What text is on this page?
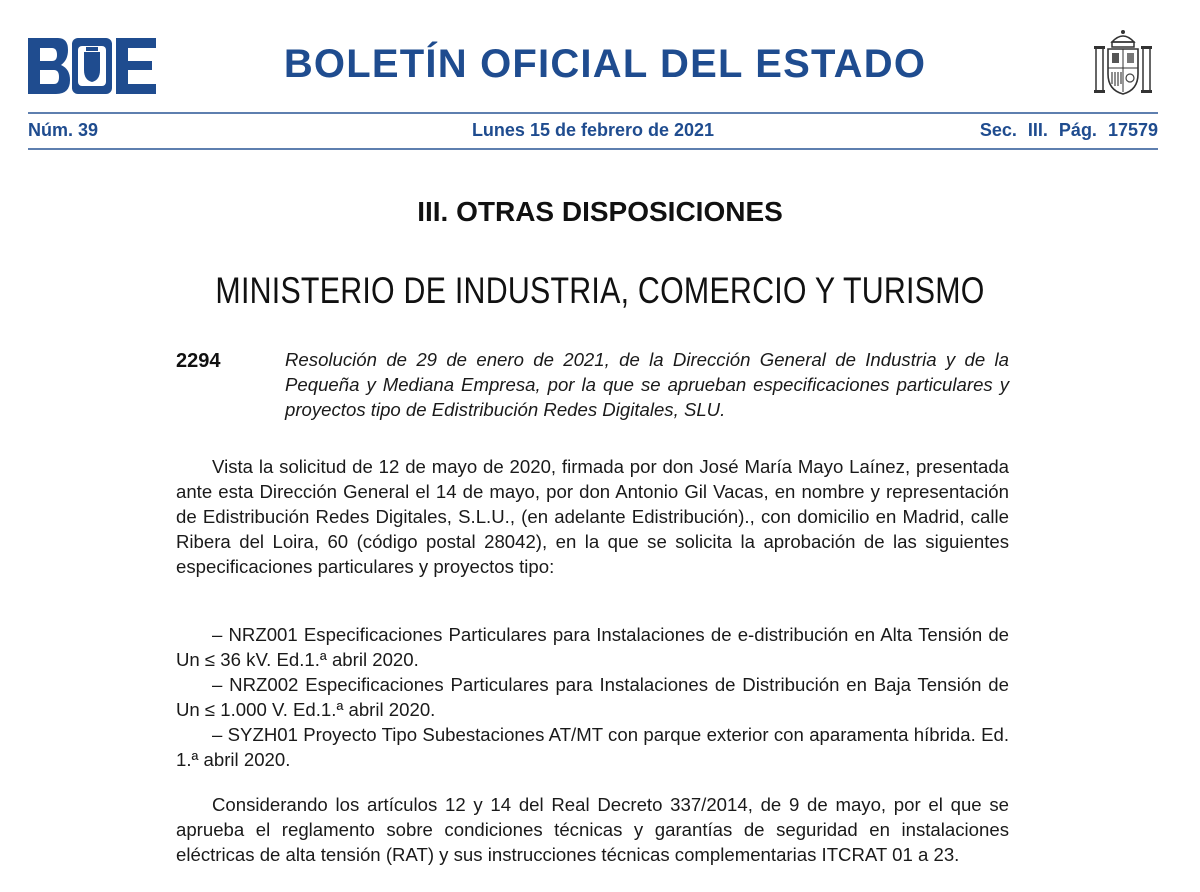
BOLETÍN OFICIAL DEL ESTADO
Núm. 39	Lunes 15 de febrero de 2021	Sec. III. Pág. 17579
III. OTRAS DISPOSICIONES
MINISTERIO DE INDUSTRIA, COMERCIO Y TURISMO
2294	Resolución de 29 de enero de 2021, de la Dirección General de Industria y de la Pequeña y Mediana Empresa, por la que se aprueban especificaciones particulares y proyectos tipo de Edistribución Redes Digitales, SLU.

Vista la solicitud de 12 de mayo de 2020, firmada por don José María Mayo Laínez, presentada ante esta Dirección General el 14 de mayo, por don Antonio Gil Vacas, en nombre y representación de Edistribución Redes Digitales, S.L.U., (en adelante Edistribución)., con domicilio en Madrid, calle Ribera del Loira, 60 (código postal 28042), en la que se solicita la aprobación de las siguientes especificaciones particulares y proyectos tipo:

– NRZ001 Especificaciones Particulares para Instalaciones de e-distribución en Alta Tensión de Un ≤ 36 kV. Ed.1.ª abril 2020.

– NRZ002 Especificaciones Particulares para Instalaciones de Distribución en Baja Tensión de Un ≤ 1.000 V. Ed.1.ª abril 2020.

– SYZH01 Proyecto Tipo Subestaciones AT/MT con parque exterior con aparamenta híbrida. Ed. 1.ª abril 2020.

Considerando los artículos 12 y 14 del Real Decreto 337/2014, de 9 de mayo, por el que se aprueba el reglamento sobre condiciones técnicas y garantías de seguridad en instalaciones eléctricas de alta tensión (RAT) y sus instrucciones técnicas complementarias ITCRAT 01 a 23.
